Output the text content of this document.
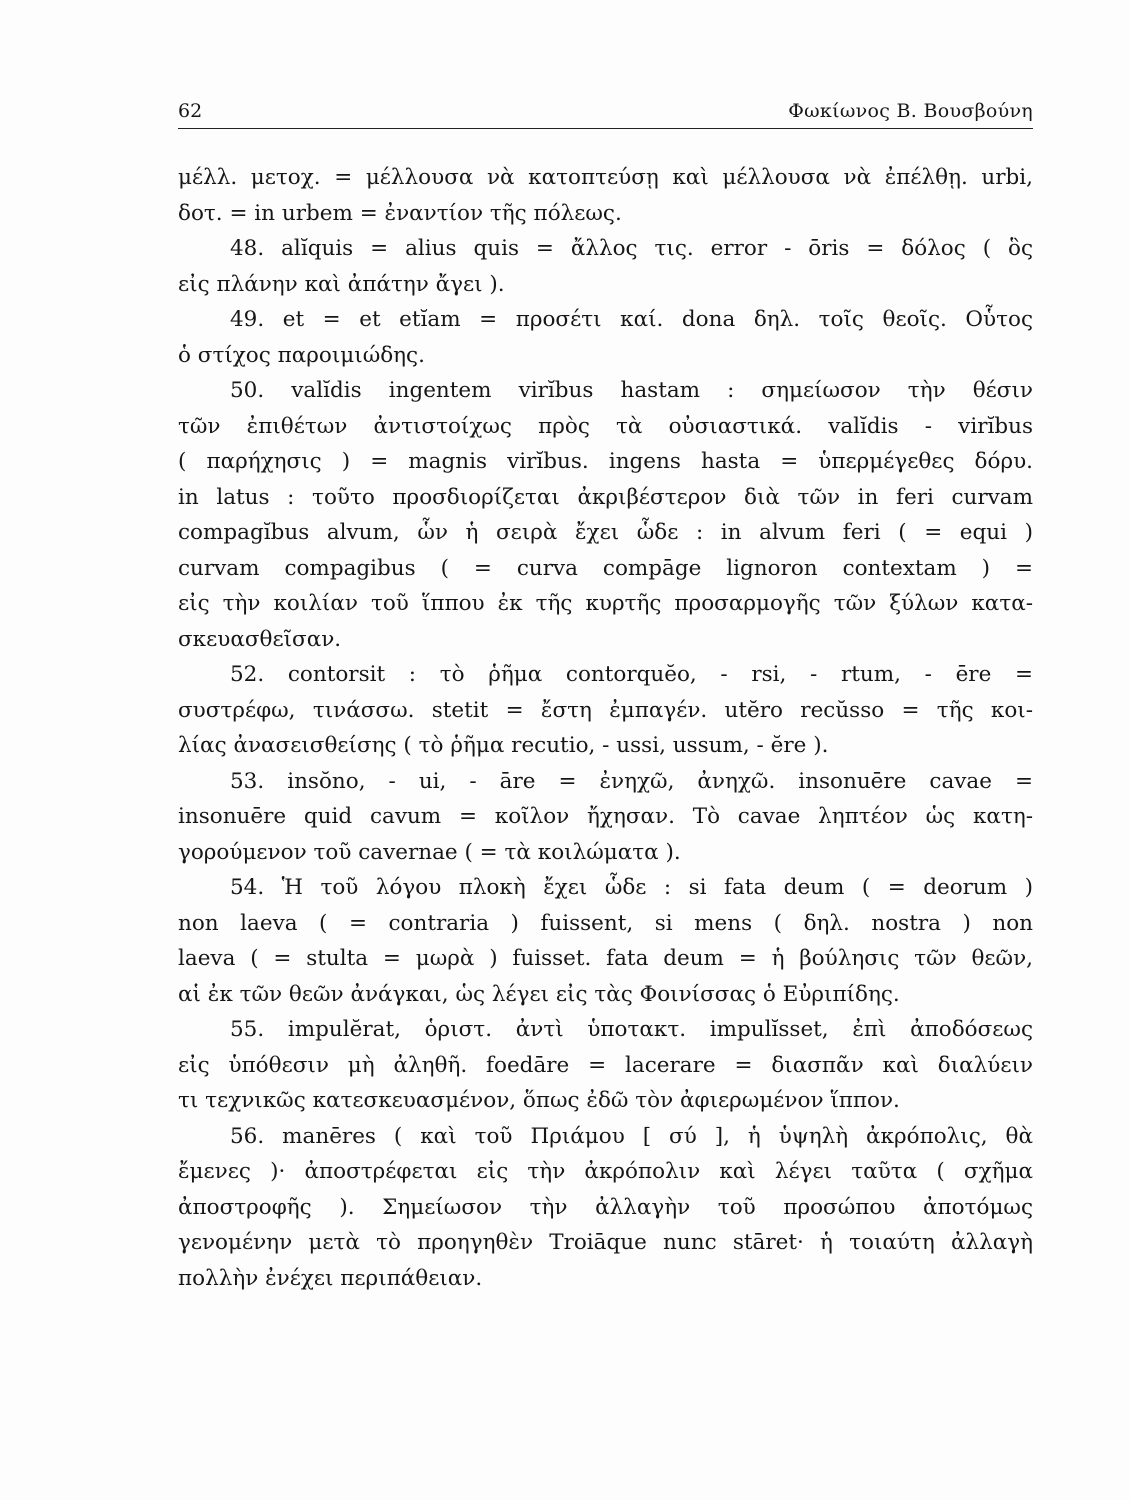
62	Φωκίωνος Β. Βουσβούνη
μέλλ. μετοχ. = μέλλουσα νὰ κατοπτεύσῃ καὶ μέλλουσα νὰ ἐπέλθῃ. urbi,
δοτ. = in urbem = ἐναντίον τῆς πόλεως.
48. alĭquis = alius quis = ἄλλος τις. error - ōris = δόλος ( ὃς
εἰς πλάνην καὶ ἀπάτην ἄγει ).
49. et = et etĭam = προσέτι καί. dona δηλ. τοῖς θεοῖς. Οὗτος
ὁ στίχος παροιμιώδης.
50. valĭdis ingentem virĭbus hastam : σημείωσον τὴν θέσιν
τῶν ἐπιθέτων ἀντιστοίχως πρὸς τὰ οὐσιαστικά. valĭdis - virĭbus
( παρήχησις ) = magnis virĭbus. ingens hasta = ὑπερμέγεθες δόρυ.
in latus : τοῦτο προσδιορίζεται ἀκριβέστερον διὰ τῶν in feri curvam
compagĭbus alvum, ὧν ἡ σειρὰ ἔχει ὧδε : in alvum feri ( = equi )
curvam compagibus ( = curva compāge lignoron contextam ) =
εἰς τὴν κοιλίαν τοῦ ἵππου ἐκ τῆς κυρτῆς προσαρμογῆς τῶν ξύλων κατα-
σκευασθεῖσαν.
52. contorsit : τὸ ῥῆμα contorquĕo, - rsi, - rtum, - ēre =
συστρέφω, τινάσσω. stetit = ἔστη ἐμπαγέν. utĕro recŭsso = τῆς κοι-
λίας ἀνασεισθείσης ( τὸ ῥῆμα recutio, - ussi, ussum, - ĕre ).
53. insŏno, - ui, - āre = ἐνηχῶ, ἀνηχῶ. insonuēre cavae =
insonuēre quid cavum = κοῖλον ἤχησαν. Τὸ cavae ληπτέον ὡς κατη-
γορούμενον τοῦ cavernae ( = τὰ κοιλώματα ).
54. Ἡ τοῦ λόγου πλοκὴ ἔχει ὧδε : si fata deum ( = deorum )
non laeva ( = contraria ) fuissent, si mens ( δηλ. nostra ) non
laeva ( = stulta = μωρὰ ) fuisset. fata deum = ἡ βούλησις τῶν θεῶν,
αἱ ἐκ τῶν θεῶν ἀνάγκαι, ὡς λέγει εἰς τὰς Φοινίσσας ὁ Εὐριπίδης.
55. impulĕrat, ὁριστ. ἀντὶ ὑποτακτ. impulĭsset, ἐπὶ ἀποδόσεως
εἰς ὑπόθεσιν μὴ ἀληθῆ. foedāre = lacerare = διασπᾶν καὶ διαλύειν
τι τεχνικῶς κατεσκευασμένον, ὅπως ἐδῶ τὸν ἀφιερωμένον ἵππον.
56. manēres ( καὶ τοῦ Πριάμου [ σύ ], ἡ ὑψηλὴ ἀκρόπολις, θὰ
ἔμενες )· ἀποστρέφεται εἰς τὴν ἀκρόπολιν καὶ λέγει ταῦτα ( σχῆμα
ἀποστροφῆς ). Σημείωσον τὴν ἀλλαγὴν τοῦ προσώπου ἀποτόμως
γενομένην μετὰ τὸ προηγηθὲν Troiāque nunc stāret· ἡ τοιαύτη ἀλλαγὴ
πολλὴν ἐνέχει περιπάθειαν.
